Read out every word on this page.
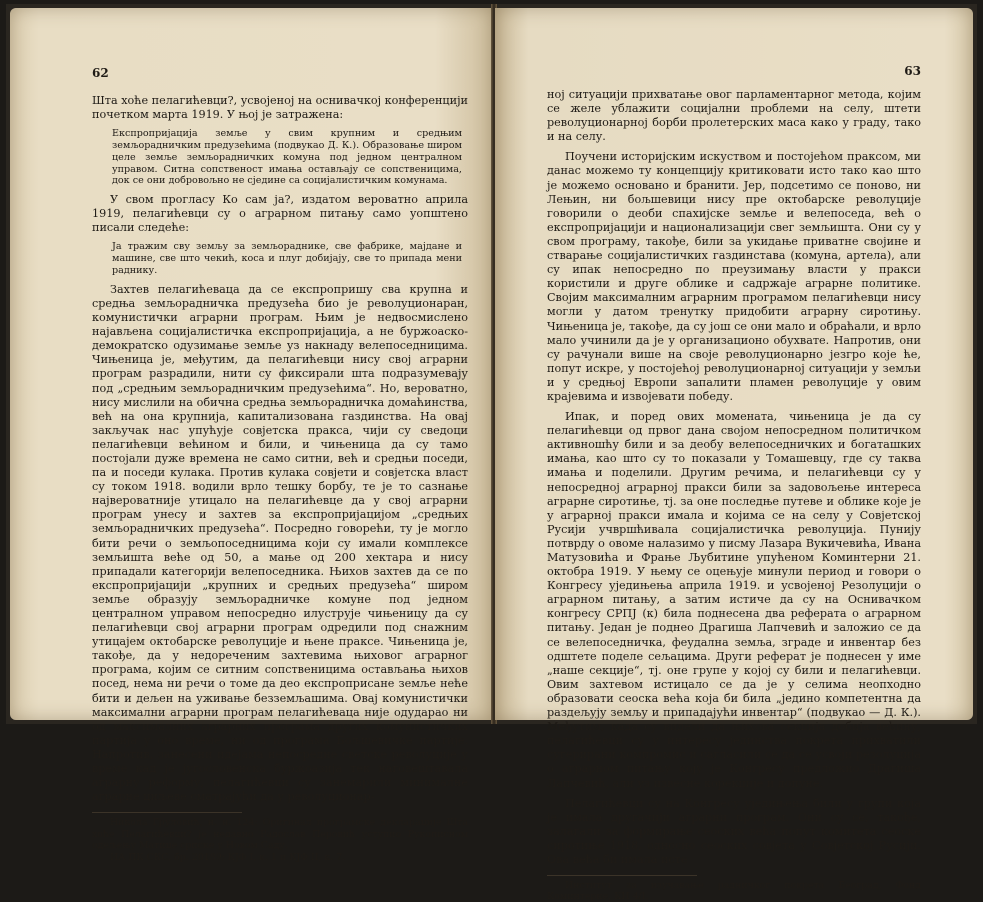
62

Шта хоће пелагићевци?, усвојеној на оснивачкој конференцији почетком марта 1919. У њој је затражена:

Експропријација земље у свим крупним и средњим земљорадничким предузећима (подвукао Д. К.). Образовање широм целе земље земљорадничких комуна под једном централном управом. Ситна сопственост имања остављају се сопственицима, док се они добровољно не сједине са социјалистичким комунама.

У свом прогласу Ко сам ја?, издатом вероватно априла 1919, пелагићевци су о аграрном питању само уопштено писали следеће:

Ја тражим сву земљу за земљораднике, све фабрике, мајдане и машине, све што чекић, коса и плуг добијају, све то припада мени раднику.

Захтев пелагићеваца да се експропришу сва крупна и средња земљорадничка предузећа био је револуционаран, комунистички аграрни програм. Њим је недвосмислено најављена социјалистичка експропријација, а не буржоаско-демократско одузимање земље уз накнаду велепоседницима. Чињеница је, међутим, да пелагићевци нису свој аграрни програм разрадили, нити су фиксирали шта подразумевају под „средњим земљорадничким предузећима“. Но, вероватно, нису мислили на обична средња земљорадничка домаћинства, већ на она крупнија, капитализована газдинства. На овај закључак нас упућује совјетска пракса, чији су сведоци пелагићевци већином и били, и чињеница да су тамо постојали дуже времена не само ситни, већ и средњи поседи, па и поседи кулака. Против кулака совјети и совјетска власт су током 1918. водили врло тешку борбу, те је то сазнање највероватније утицало на пелагићевце да у свој аграрни програм унесу и захтев за експропријацијом „средњих земљорадничких предузећа“. Посредно говорећи, ту је могло бити речи о земљопоседницима који су имали комплексе земљишта веће од 50, а мање од 200 хектара и нису припадали категорији велепоседника. Њихов захтев да се по експропријацији „крупних и средњих предузећа“ широм земље образују земљорадничке комуне под једном централном управом непосредно илуструје чињеницу да су пелагићевци свој аграрни програм одредили под снажним утицајем октобарске револуције и њене праксе. Чињеница је, такође, да у недореченим захтевима њиховог аграрног програма, којим се ситним сопственицима остављања њихов посед, нема ни речи о томе да део експроприсане земље неће бити и дељен на уживање безземљашима. Овај комунистички максимални аграрни програм пелагићеваца није одударао ни од максималних аграрних програма других комунистичких партија у оно време, ни од програма Бољшевичке партије. Напротив, занесени идејама непосредне светске револуције у време кад је југословенска буржоазија тек наговештавала аграрну реформу, пелагићевци су занемарили минималне аграрне циљеве сматрајући да у револуционар-

Никола Груловић, н. н. 124; Оригинал програмске декларације Шта хоће Пелагићевци? је недавно Радослав Перовић уступио Рукописном одељењу Матице српске у Новом Саду.

ИА ПК СКС, бр. 20189; КЈФ I, к. 1 и КЈФ II, к. 7.

63

ној ситуацији прихватање овог парламентарног метода, којим се желе ублажити социјални проблеми на селу, штети револуционарној борби пролетерских маса како у граду, тако и на селу.

Поучени историјским искуством и постојећом праксом, ми данас можемо ту концепцију критиковати исто тако као што је можемо основано и бранити. Јер, подсетимо се поново, ни Лењин, ни бољшевици нису пре октобарске револуције говорили о деоби спахијске земље и велепоседа, већ о експропријацији и национализацији свег земљишта. Они су у свом програму, такође, били за укидање приватне својине и стварање социјалистичких газдинстава (комуна, артела), али су ипак непосредно по преузимању власти у пракси користили и друге облике и садржаје аграрне политике. Својим максималним аграрним програмом пелагићевци нису могли у датом тренутку придобити аграрну сиротињу. Чињеница је, такође, да су још се они мало и обраћали, и врло мало учинили да је у организационо обухвате. Напротив, они су рачунали више на своје револуционарно језгро које ће, попут искре, у постојећој револуционарној ситуацији у земљи и у средњој Европи запалити пламен револуције у овим крајевима и извојевати победу.

Ипак, и поред ових момената, чињеница је да су пелагићевци од првог дана својом непосредном политичком активношћу били и за деобу велепоседничких и богаташких имања, као што су то показали у Томашевцу, где су таква имања и поделили. Другим речима, и пелагићевци су у непосредној аграрној пракси били за задовољење интереса аграрне сиротиње, тј. за оне последње путеве и облике које је у аграрној пракси имала и којима се на селу у Совјетској Русији учвршћивала социјалистичка револуција. Пуниjу потврду о овоме налазимо у писму Лазара Вукичевића, Ивана Матузовића и Фрање Љубитине упућеном Коминтерни 21. октобра 1919. У њему се оцењује минули период и говори о Конгресу уједињења априла 1919. и усвојеној Резолуцији о аграрном питању, а затим истиче да су на Оснивачком конгресу СРПЈ (к) била поднесена два реферата о аграрном питању. Један је поднео Драгиша Лапчевић и заложио се да се велепоседничка, феудална земља, зграде и инвентар без одштете поделе сељацима. Други реферат је поднесен у име „наше секције“, тј. оне групе у којој су били и пелагићевци. Овим захтевом истицало се да је у селима неопходно образовати сеоска већа која би била „једино компетентна да раздељују земљу и припадајући инвентар“ (подвукао — Д. К.). Међутим, када су видели да њихова секција добија већину, пелагићевци су у интересу јединства покрета прихватили сугерирани компромис и сагласили се да се усвоји резолуција о аграрном питању коју је Конгресу предложио Драгиша Лапчевић, али уз извесне корекције и допуне.

Пелагићевци су на Конгресу уједињења били у групи која је имала другачији аграрни програм. Они су се, такође, залагали за формирање сеоских већа попут комитета сеоске сиротиње 1918, односно сеоских совјета у Совјетској Русији. Ова већа би имала исте

Институт за изучавање радничког покрета Београд, Фонд Коминтерне, КИ 4/I.
